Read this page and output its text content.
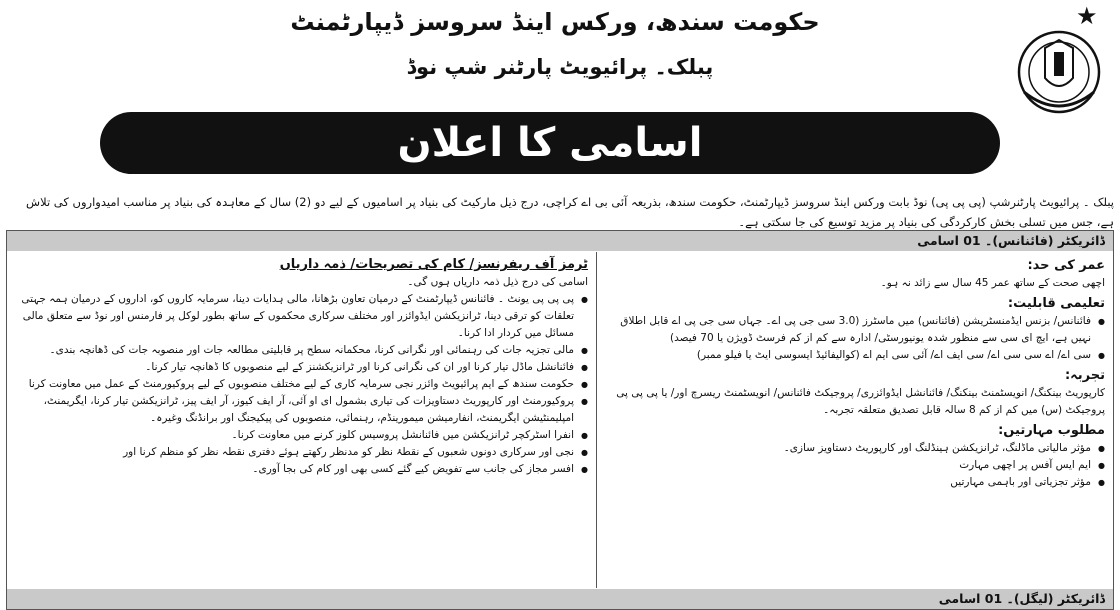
★
حکومت سندھ، ورکس اینڈ سروسز ڈیپارٹمنٹ
پبلک۔ پرائیویٹ پارٹنر شپ نوڈ
اسامی کا اعلان
پبلک ۔ پرائیویٹ پارٹنرشپ (پی پی پی) نوڈ بابت ورکس اینڈ سروسز ڈیپارٹمنٹ، حکومت سندھ، بذریعہ آئی بی اے کراچی، درج ذیل مارکیٹ کی بنیاد پر اسامیوں کے لیے دو (2) سال کے معاہدہ کی بنیاد پر مناسب امیدواروں کی تلاش ہے، جس میں تسلی بخش کارکردگی کی بنیاد پر مزید توسیع کی جا سکتی ہے۔
ڈائریکٹر (فائنانس)۔ 01 اسامی
عمر کی حد:
اچھی صحت کے ساتھ عمر 45 سال سے زائد نہ ہو۔
تعلیمی قابلیت:
● فائنانس/ بزنس ایڈمنسٹریشن (فائنانس) میں ماسٹرز (3.0 سی جی پی اے۔ جہاں سی جی پی اے قابل اطلاق نہیں ہے، ایچ ای سی سے منظور شدہ یونیورسٹی/ ادارہ سے کم از کم فرسٹ ڈویژن یا 70 فیصد)
● سی اے/ اے سی سی اے/ سی ایف اے/ آئی سی ایم اے (کوالیفائیڈ ایسوسی ایٹ یا فیلو ممبر)
تجربہ:
کارپوریٹ بینکنگ/ انویسٹمنٹ بینکنگ/ فائنانشل ایڈوائزری/ پروجیکٹ فائنانس/ انویسٹمنٹ ریسرچ اور/ یا پی پی پی پروجیکٹ (س) میں کم از کم 8 سالہ قابل تصدیق متعلقہ تجربہ۔
مطلوب مہارتیں:
● مؤثر مالیاتی ماڈلنگ، ٹرانزیکشن ہینڈلنگ اور کارپوریٹ دستاویز سازی۔
● ایم ایس آفس پر اچھی مہارت
● مؤثر تجزیاتی اور باہمی مہارتیں
ٹرمز آف ریفرنسز/ کام کی تصریحات/ ذمہ داریاں
اسامی کی درج ذیل ذمہ داریاں ہوں گی۔
● پی پی پی یونٹ ۔ فائنانس ڈیپارٹمنٹ کے درمیان تعاون بڑھانا، مالی ہدایات دینا، سرمایہ کاروں کو، اداروں کے درمیان ہمہ جہتی تعلقات کو ترقی دینا، ٹرانزیکشن ایڈوائزر اور مختلف سرکاری محکموں کے ساتھ بطور لوکل پر فارمنس اور نوڈ سے متعلق مالی مسائل میں کردار ادا کرنا۔
● مالی تجزیہ جات کی رہنمائی اور نگرانی کرنا، محکمانہ سطح پر قابلیتی مطالعہ جات اور منصوبہ جات کی ڈھانچہ بندی۔
● فائنانشل ماڈل تیار کرنا اور ان کی نگرانی کرنا اور ٹرانزیکشنز کے لیے منصوبوں کا ڈھانچہ تیار کرنا۔
● حکومت سندھ کے ایم پرائیویٹ وائزر نجی سرمایہ کاری کے لیے مختلف منصوبوں کے لیے پروکیورمنٹ کے عمل میں معاونت کرنا
● پروکیورمنٹ اور کارپوریٹ دستاویزات کی تیاری بشمول ای او آئی، آر ایف کیوز، آر ایف پیز، ٹرانزیکشن تیار کرنا، ایگریمنٹ، امپلیمنٹیشن ایگریمنٹ، انفارمیشن میمورینڈم، رہنمائی، منصوبوں کی پیکیجنگ اور برانڈنگ وغیرہ۔
● انفرا اسٹرکچر ٹرانزیکشن میں فائنانشل پروسیس کلوز کرنے میں معاونت کرنا۔
● نجی اور سرکاری دونوں شعبوں کے نقطۂ نظر کو مدنظر رکھتے ہوئے دفتری نقطہ نظر کو منظم کرنا اور
● افسر مجاز کی جانب سے تفویض کیے گئے کسی بھی اور کام کی بجا آوری۔
ڈائریکٹر (لیگل)۔ 01 اسامی
